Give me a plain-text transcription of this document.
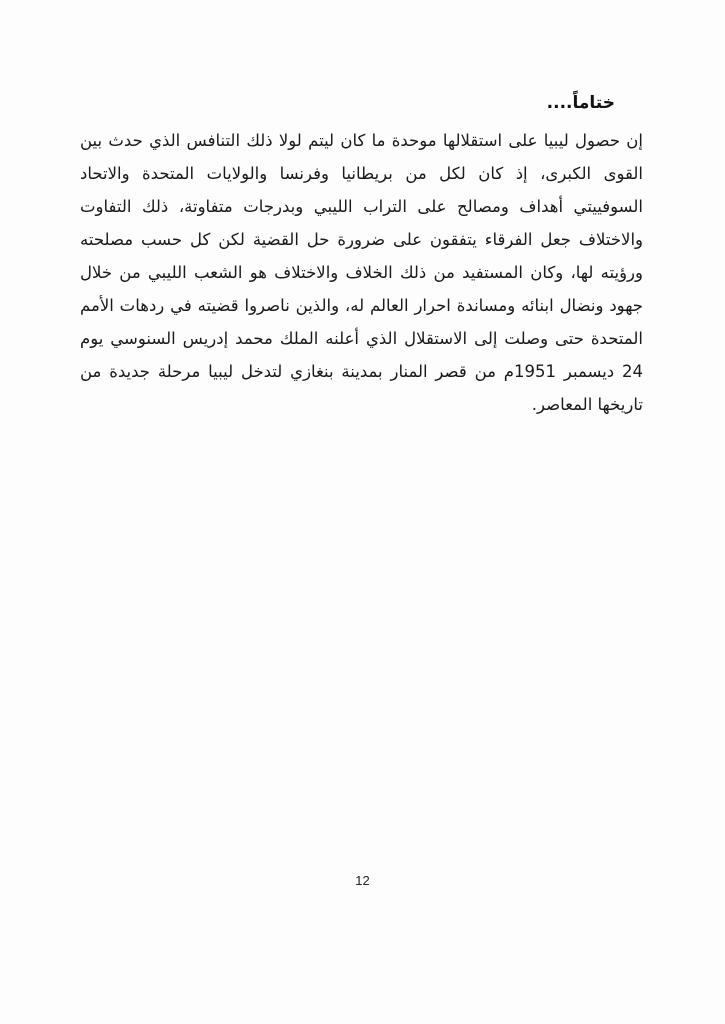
ختاماً....

إن حصول ليبيا على استقلالها موحدة ما كان ليتم لولا ذلك التنافس الذي حدث بين القوى الكبرى، إذ كان لكل من بريطانيا وفرنسا والولايات المتحدة والاتحاد السوفييتي أهداف ومصالح على التراب الليبي وبدرجات متفاوتة، ذلك التفاوت والاختلاف جعل الفرقاء يتفقون على ضرورة حل القضية لكن كل حسب مصلحته ورؤيته لها، وكان المستفيد من ذلك الخلاف والاختلاف هو الشعب الليبي من خلال جهود ونضال ابنائه ومساندة احرار العالم له، والذين ناصروا قضيته في ردهات الأمم المتحدة حتى وصلت إلى الاستقلال الذي أعلنه الملك محمد إدريس السنوسي يوم 24 ديسمبر 1951م من قصر المنار بمدينة بنغازي لتدخل ليبيا مرحلة جديدة من تاريخها المعاصر.

12
